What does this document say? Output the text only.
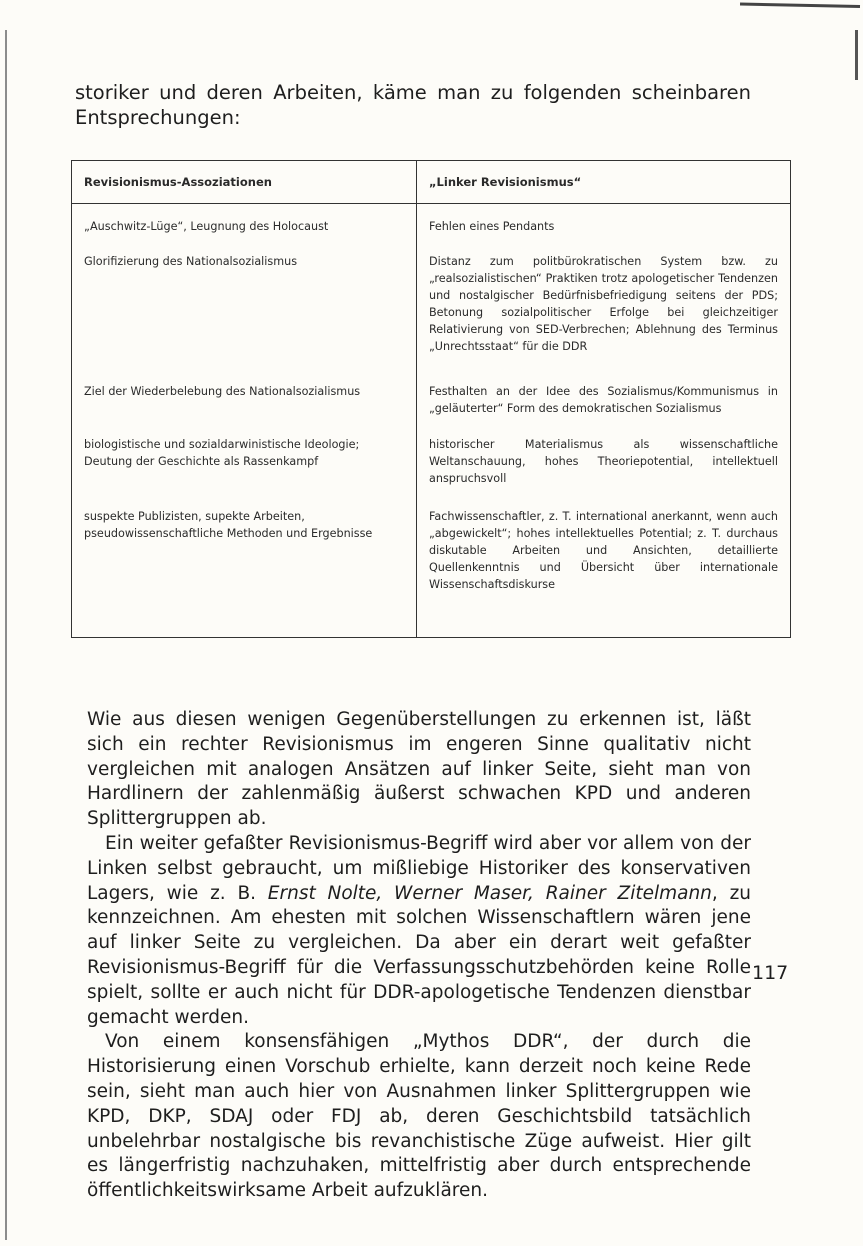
storiker und deren Arbeiten, käme man zu folgenden scheinbaren Entsprechungen:

Revisionismus-Assoziationen	„Linker Revisionismus“
„Auschwitz-Lüge“, Leugnung des Holocaust	Fehlen eines Pendants
Glorifizierung des Nationalsozialismus	Distanz zum politbürokratischen System bzw. zu „realsozialistischen“ Praktiken trotz apologetischer Tendenzen und nostalgischer Bedürfnisbefriedigung seitens der PDS; Betonung sozialpolitischer Erfolge bei gleichzeitiger Relativierung von SED-Verbrechen; Ablehnung des Terminus „Unrechtsstaat“ für die DDR
Ziel der Wiederbelebung des Nationalsozialismus	Festhalten an der Idee des Sozialismus/Kommunismus in „geläuterter“ Form des demokratischen Sozialismus
biologistische und sozialdarwinistische Ideologie; Deutung der Geschichte als Rassenkampf	historischer Materialismus als wissenschaftliche Weltanschauung, hohes Theoriepotential, intellektuell anspruchsvoll
suspekte Publizisten, supekte Arbeiten, pseudowissenschaftliche Methoden und Ergebnisse	Fachwissenschaftler, z. T. international anerkannt, wenn auch „abgewickelt“; hohes intellektuelles Potential; z. T. durchaus diskutable Arbeiten und Ansichten, detaillierte Quellenkenntnis und Übersicht über internationale Wissenschaftsdiskurse

Wie aus diesen wenigen Gegenüberstellungen zu erkennen ist, läßt sich ein rechter Revisionismus im engeren Sinne qualitativ nicht vergleichen mit analogen Ansätzen auf linker Seite, sieht man von Hardlinern der zahlenmäßig äußerst schwachen KPD und anderen Splittergruppen ab.

Ein weiter gefaßter Revisionismus-Begriff wird aber vor allem von der Linken selbst gebraucht, um mißliebige Historiker des konservativen Lagers, wie z. B. Ernst Nolte, Werner Maser, Rainer Zitelmann, zu kennzeichnen. Am ehesten mit solchen Wissenschaftlern wären jene auf linker Seite zu vergleichen. Da aber ein derart weit gefaßter Revisionismus-Begriff für die Verfassungsschutzbehörden keine Rolle spielt, sollte er auch nicht für DDR-apologetische Tendenzen dienstbar gemacht werden.

Von einem konsensfähigen „Mythos DDR“, der durch die Historisierung einen Vorschub erhielte, kann derzeit noch keine Rede sein, sieht man auch hier von Ausnahmen linker Splittergruppen wie KPD, DKP, SDAJ oder FDJ ab, deren Geschichtsbild tatsächlich unbelehrbar nostalgische bis revanchistische Züge aufweist. Hier gilt es längerfristig nachzuhaken, mittelfristig aber durch entsprechende öffentlichkeitswirksame Arbeit aufzuklären.

117
